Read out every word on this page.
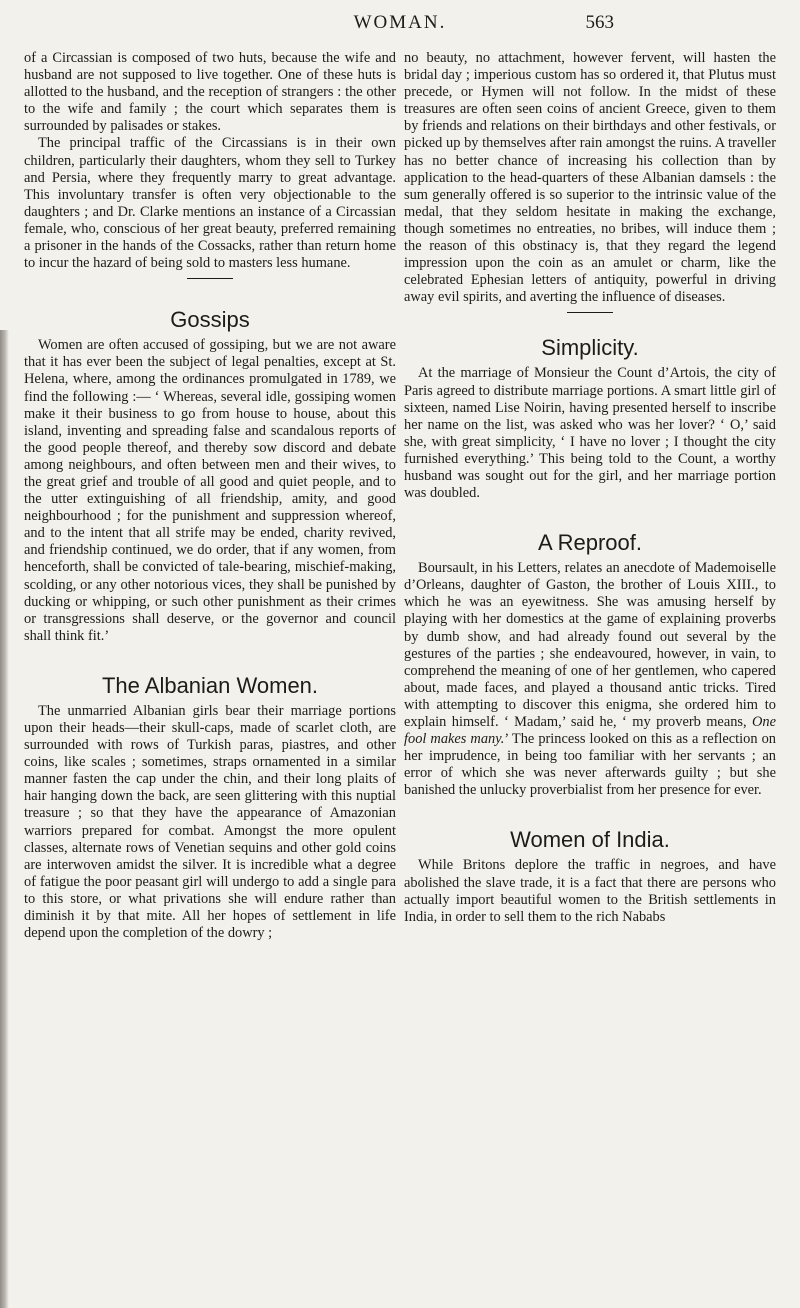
WOMAN.	563

of a Circassian is composed of two huts, because the wife and husband are not supposed to live together. One of these huts is allotted to the husband, and the reception of strangers : the other to the wife and family ; the court which separates them is surrounded by palisades or stakes.

The principal traffic of the Circassians is in their own children, particularly their daughters, whom they sell to Turkey and Persia, where they frequently marry to great advantage. This involuntary transfer is often very objectionable to the daughters ; and Dr. Clarke mentions an instance of a Circassian female, who, conscious of her great beauty, preferred remaining a prisoner in the hands of the Cossacks, rather than return home to incur the hazard of being sold to masters less humane.

Gossips

Women are often accused of gossiping, but we are not aware that it has ever been the subject of legal penalties, except at St. Helena, where, among the ordinances promulgated in 1789, we find the following :— ‘ Whereas, several idle, gossiping women make it their business to go from house to house, about this island, inventing and spreading false and scandalous reports of the good people thereof, and thereby sow discord and debate among neighbours, and often between men and their wives, to the great grief and trouble of all good and quiet people, and to the utter extinguishing of all friendship, amity, and good neighbourhood ; for the punishment and suppression whereof, and to the intent that all strife may be ended, charity revived, and friendship continued, we do order, that if any women, from henceforth, shall be convicted of tale-bearing, mischief-making, scolding, or any other notorious vices, they shall be punished by ducking or whipping, or such other punishment as their crimes or transgressions shall deserve, or the governor and council shall think fit.’

The Albanian Women.

The unmarried Albanian girls bear their marriage portions upon their heads—their skull-caps, made of scarlet cloth, are surrounded with rows of Turkish paras, piastres, and other coins, like scales ; sometimes, straps ornamented in a similar manner fasten the cap under the chin, and their long plaits of hair hanging down the back, are seen glittering with this nuptial treasure ; so that they have the appearance of Amazonian warriors prepared for combat. Amongst the more opulent classes, alternate rows of Venetian sequins and other gold coins are interwoven amidst the silver. It is incredible what a degree of fatigue the poor peasant girl will undergo to add a single para to this store, or what privations she will endure rather than diminish it by that mite. All her hopes of settlement in life depend upon the completion of the dowry ;

no beauty, no attachment, however fervent, will hasten the bridal day ; imperious custom has so ordered it, that Plutus must precede, or Hymen will not follow. In the midst of these treasures are often seen coins of ancient Greece, given to them by friends and relations on their birthdays and other festivals, or picked up by themselves after rain amongst the ruins. A traveller has no better chance of increasing his collection than by application to the head-quarters of these Albanian damsels : the sum generally offered is so superior to the intrinsic value of the medal, that they seldom hesitate in making the exchange, though sometimes no entreaties, no bribes, will induce them ; the reason of this obstinacy is, that they regard the legend impression upon the coin as an amulet or charm, like the celebrated Ephesian letters of antiquity, powerful in driving away evil spirits, and averting the influence of diseases.

Simplicity.

At the marriage of Monsieur the Count d’Artois, the city of Paris agreed to distribute marriage portions. A smart little girl of sixteen, named Lise Noirin, having presented herself to inscribe her name on the list, was asked who was her lover? ‘ O,’ said she, with great simplicity, ‘ I have no lover ; I thought the city furnished everything.’ This being told to the Count, a worthy husband was sought out for the girl, and her marriage portion was doubled.

A Reproof.

Boursault, in his Letters, relates an anecdote of Mademoiselle d’Orleans, daughter of Gaston, the brother of Louis XIII., to which he was an eyewitness. She was amusing herself by playing with her domestics at the game of explaining proverbs by dumb show, and had already found out several by the gestures of the parties ; she endeavoured, however, in vain, to comprehend the meaning of one of her gentlemen, who capered about, made faces, and played a thousand antic tricks. Tired with attempting to discover this enigma, she ordered him to explain himself. ‘ Madam,’ said he, ‘ my proverb means, One fool makes many.’ The princess looked on this as a reflection on her imprudence, in being too familiar with her servants ; an error of which she was never afterwards guilty ; but she banished the unlucky proverbialist from her presence for ever.

Women of India.

While Britons deplore the traffic in negroes, and have abolished the slave trade, it is a fact that there are persons who actually import beautiful women to the British settlements in India, in order to sell them to the rich Nababs
